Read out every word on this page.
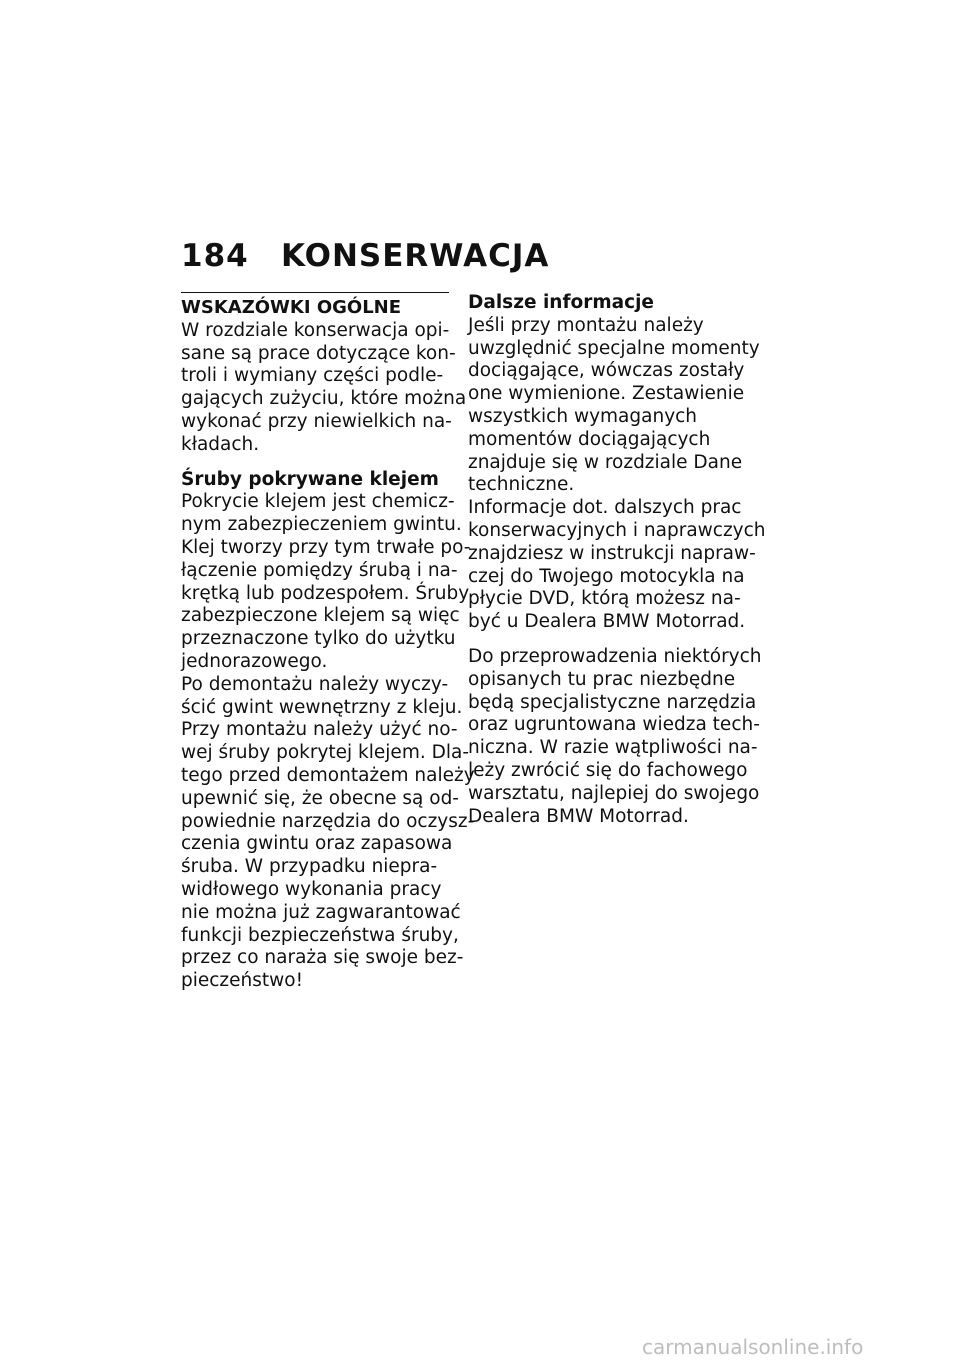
184 KONSERWACJA
WSKAZÓWKI OGÓLNE
W rozdziale konserwacja opi-
sane są prace dotyczące kon-
troli i wymiany części podle-
gających zużyciu, które można
wykonać przy niewielkich na-
kładach.
Śruby pokrywane klejem
Pokrycie klejem jest chemicz-
nym zabezpieczeniem gwintu.
Klej tworzy przy tym trwałe po-
łączenie pomiędzy śrubą i na-
krętką lub podzespołem. Śruby
zabezpieczone klejem są więc
przeznaczone tylko do użytku
jednorazowego.
Po demontażu należy wyczy-
ścić gwint wewnętrzny z kleju.
Przy montażu należy użyć no-
wej śruby pokrytej klejem. Dla-
tego przed demontażem należy
upewnić się, że obecne są od-
powiednie narzędzia do oczysz-
czenia gwintu oraz zapasowa
śruba. W przypadku niepra-
widłowego wykonania pracy
nie można już zagwarantować
funkcji bezpieczeństwa śruby,
przez co naraża się swoje bez-
pieczeństwo!
Dalsze informacje
Jeśli przy montażu należy
uwzględnić specjalne momenty
dociągające, wówczas zostały
one wymienione. Zestawienie
wszystkich wymaganych
momentów dociągających
znajduje się w rozdziale Dane
techniczne.
Informacje dot. dalszych prac
konserwacyjnych i naprawczych
znajdziesz w instrukcji napraw-
czej do Twojego motocykla na
płycie DVD, którą możesz na-
być u Dealera BMW Motorrad.
Do przeprowadzenia niektórych
opisanych tu prac niezbędne
będą specjalistyczne narzędzia
oraz ugruntowana wiedza tech-
niczna. W razie wątpliwości na-
leży zwrócić się do fachowego
warsztatu, najlepiej do swojego
Dealera BMW Motorrad.
carmanualsonline.info
